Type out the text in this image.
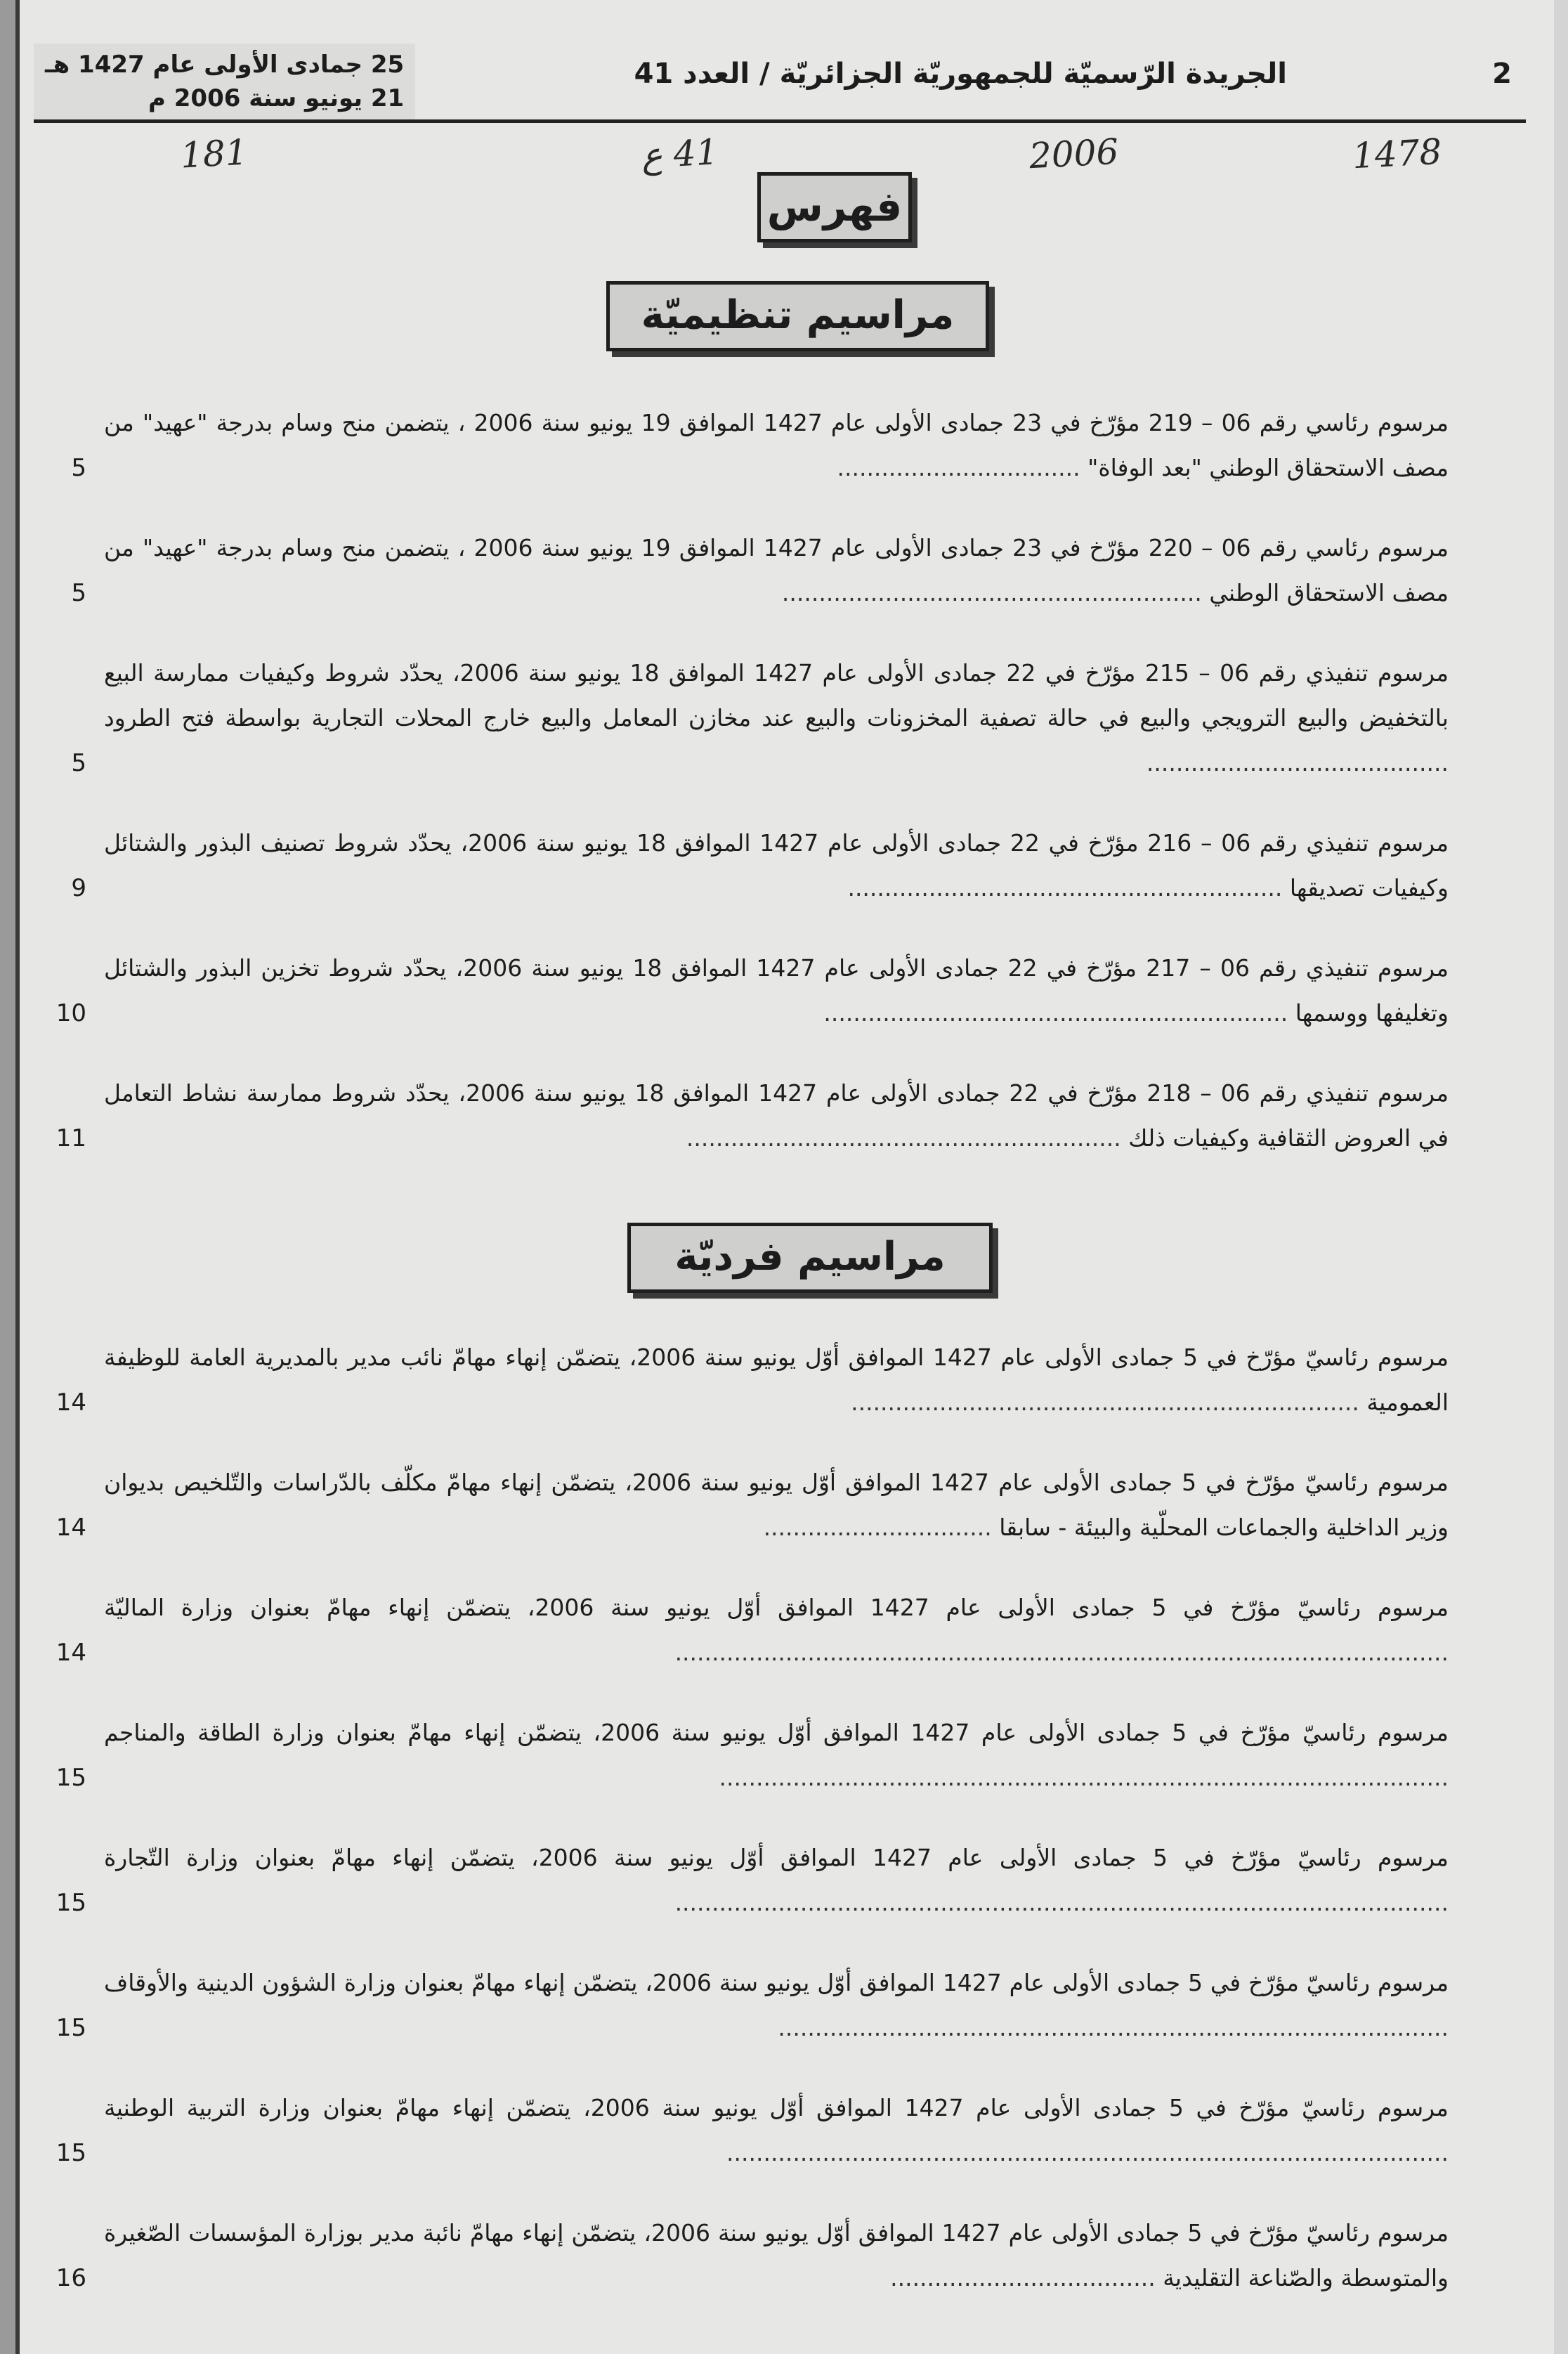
2
الجريدة الرّسميّة للجمهوريّة الجزائريّة / العدد 41
25 جمادى الأولى عام 1427 هـ
21 يونيو سنة 2006 م
1478
2006
41 ع
181
فهرس
مراسيم تنظيميّة
مرسوم رئاسي رقم 06 – 219 مؤرّخ في 23 جمادى الأولى عام 1427 الموافق 19 يونيو سنة 2006 ، يتضمن منح وسام بدرجة "عهيد" من مصف الاستحقاق الوطني "بعد الوفاة" .................................
5
مرسوم رئاسي رقم 06 – 220 مؤرّخ في 23 جمادى الأولى عام 1427 الموافق 19 يونيو سنة 2006 ، يتضمن منح وسام بدرجة "عهيد" من مصف الاستحقاق الوطني .........................................................
5
مرسوم تنفيذي رقم 06 – 215 مؤرّخ في 22 جمادى الأولى عام 1427 الموافق 18 يونيو سنة 2006، يحدّد شروط وكيفيات ممارسة البيع بالتخفيض والبيع الترويجي والبيع في حالة تصفية المخزونات والبيع عند مخازن المعامل والبيع خارج المحلات التجارية بواسطة فتح الطرود .........................................
5
مرسوم تنفيذي رقم 06 – 216 مؤرّخ في 22 جمادى الأولى عام 1427 الموافق 18 يونيو سنة 2006، يحدّد شروط تصنيف البذور والشتائل وكيفيات تصديقها ...........................................................
9
مرسوم تنفيذي رقم 06 – 217 مؤرّخ في 22 جمادى الأولى عام 1427 الموافق 18 يونيو سنة 2006، يحدّد شروط تخزين البذور والشتائل وتغليفها ووسمها ...............................................................
10
مرسوم تنفيذي رقم 06 – 218 مؤرّخ في 22 جمادى الأولى عام 1427 الموافق 18 يونيو سنة 2006، يحدّد شروط ممارسة نشاط التعامل في العروض الثقافية وكيفيات ذلك ...........................................................
11
مراسيم فرديّة
مرسوم رئاسيّ مؤرّخ في 5 جمادى الأولى عام 1427 الموافق أوّل يونيو سنة 2006، يتضمّن إنهاء مهامّ نائب مدير بالمديرية العامة للوظيفة العمومية .....................................................................
14
مرسوم رئاسيّ مؤرّخ في 5 جمادى الأولى عام 1427 الموافق أوّل يونيو سنة 2006، يتضمّن إنهاء مهامّ مكلّف بالدّراسات والتّلخيص بديوان وزير الداخلية والجماعات المحلّية والبيئة - سابقا ...............................
14
مرسوم رئاسيّ مؤرّخ في 5 جمادى الأولى عام 1427 الموافق أوّل يونيو سنة 2006، يتضمّن إنهاء مهامّ بعنوان وزارة الماليّة .........................................................................................................
14
مرسوم رئاسيّ مؤرّخ في 5 جمادى الأولى عام 1427 الموافق أوّل يونيو سنة 2006، يتضمّن إنهاء مهامّ بعنوان وزارة الطاقة والمناجم ...................................................................................................
15
مرسوم رئاسيّ مؤرّخ في 5 جمادى الأولى عام 1427 الموافق أوّل يونيو سنة 2006، يتضمّن إنهاء مهامّ بعنوان وزارة التّجارة .........................................................................................................
15
مرسوم رئاسيّ مؤرّخ في 5 جمادى الأولى عام 1427 الموافق أوّل يونيو سنة 2006، يتضمّن إنهاء مهامّ بعنوان وزارة الشؤون الدينية والأوقاف ...........................................................................................
15
مرسوم رئاسيّ مؤرّخ في 5 جمادى الأولى عام 1427 الموافق أوّل يونيو سنة 2006، يتضمّن إنهاء مهامّ بعنوان وزارة التربية الوطنية ..................................................................................................
15
مرسوم رئاسيّ مؤرّخ في 5 جمادى الأولى عام 1427 الموافق أوّل يونيو سنة 2006، يتضمّن إنهاء مهامّ نائبة مدير بوزارة المؤسسات الصّغيرة والمتوسطة والصّناعة التقليدية ....................................
16
